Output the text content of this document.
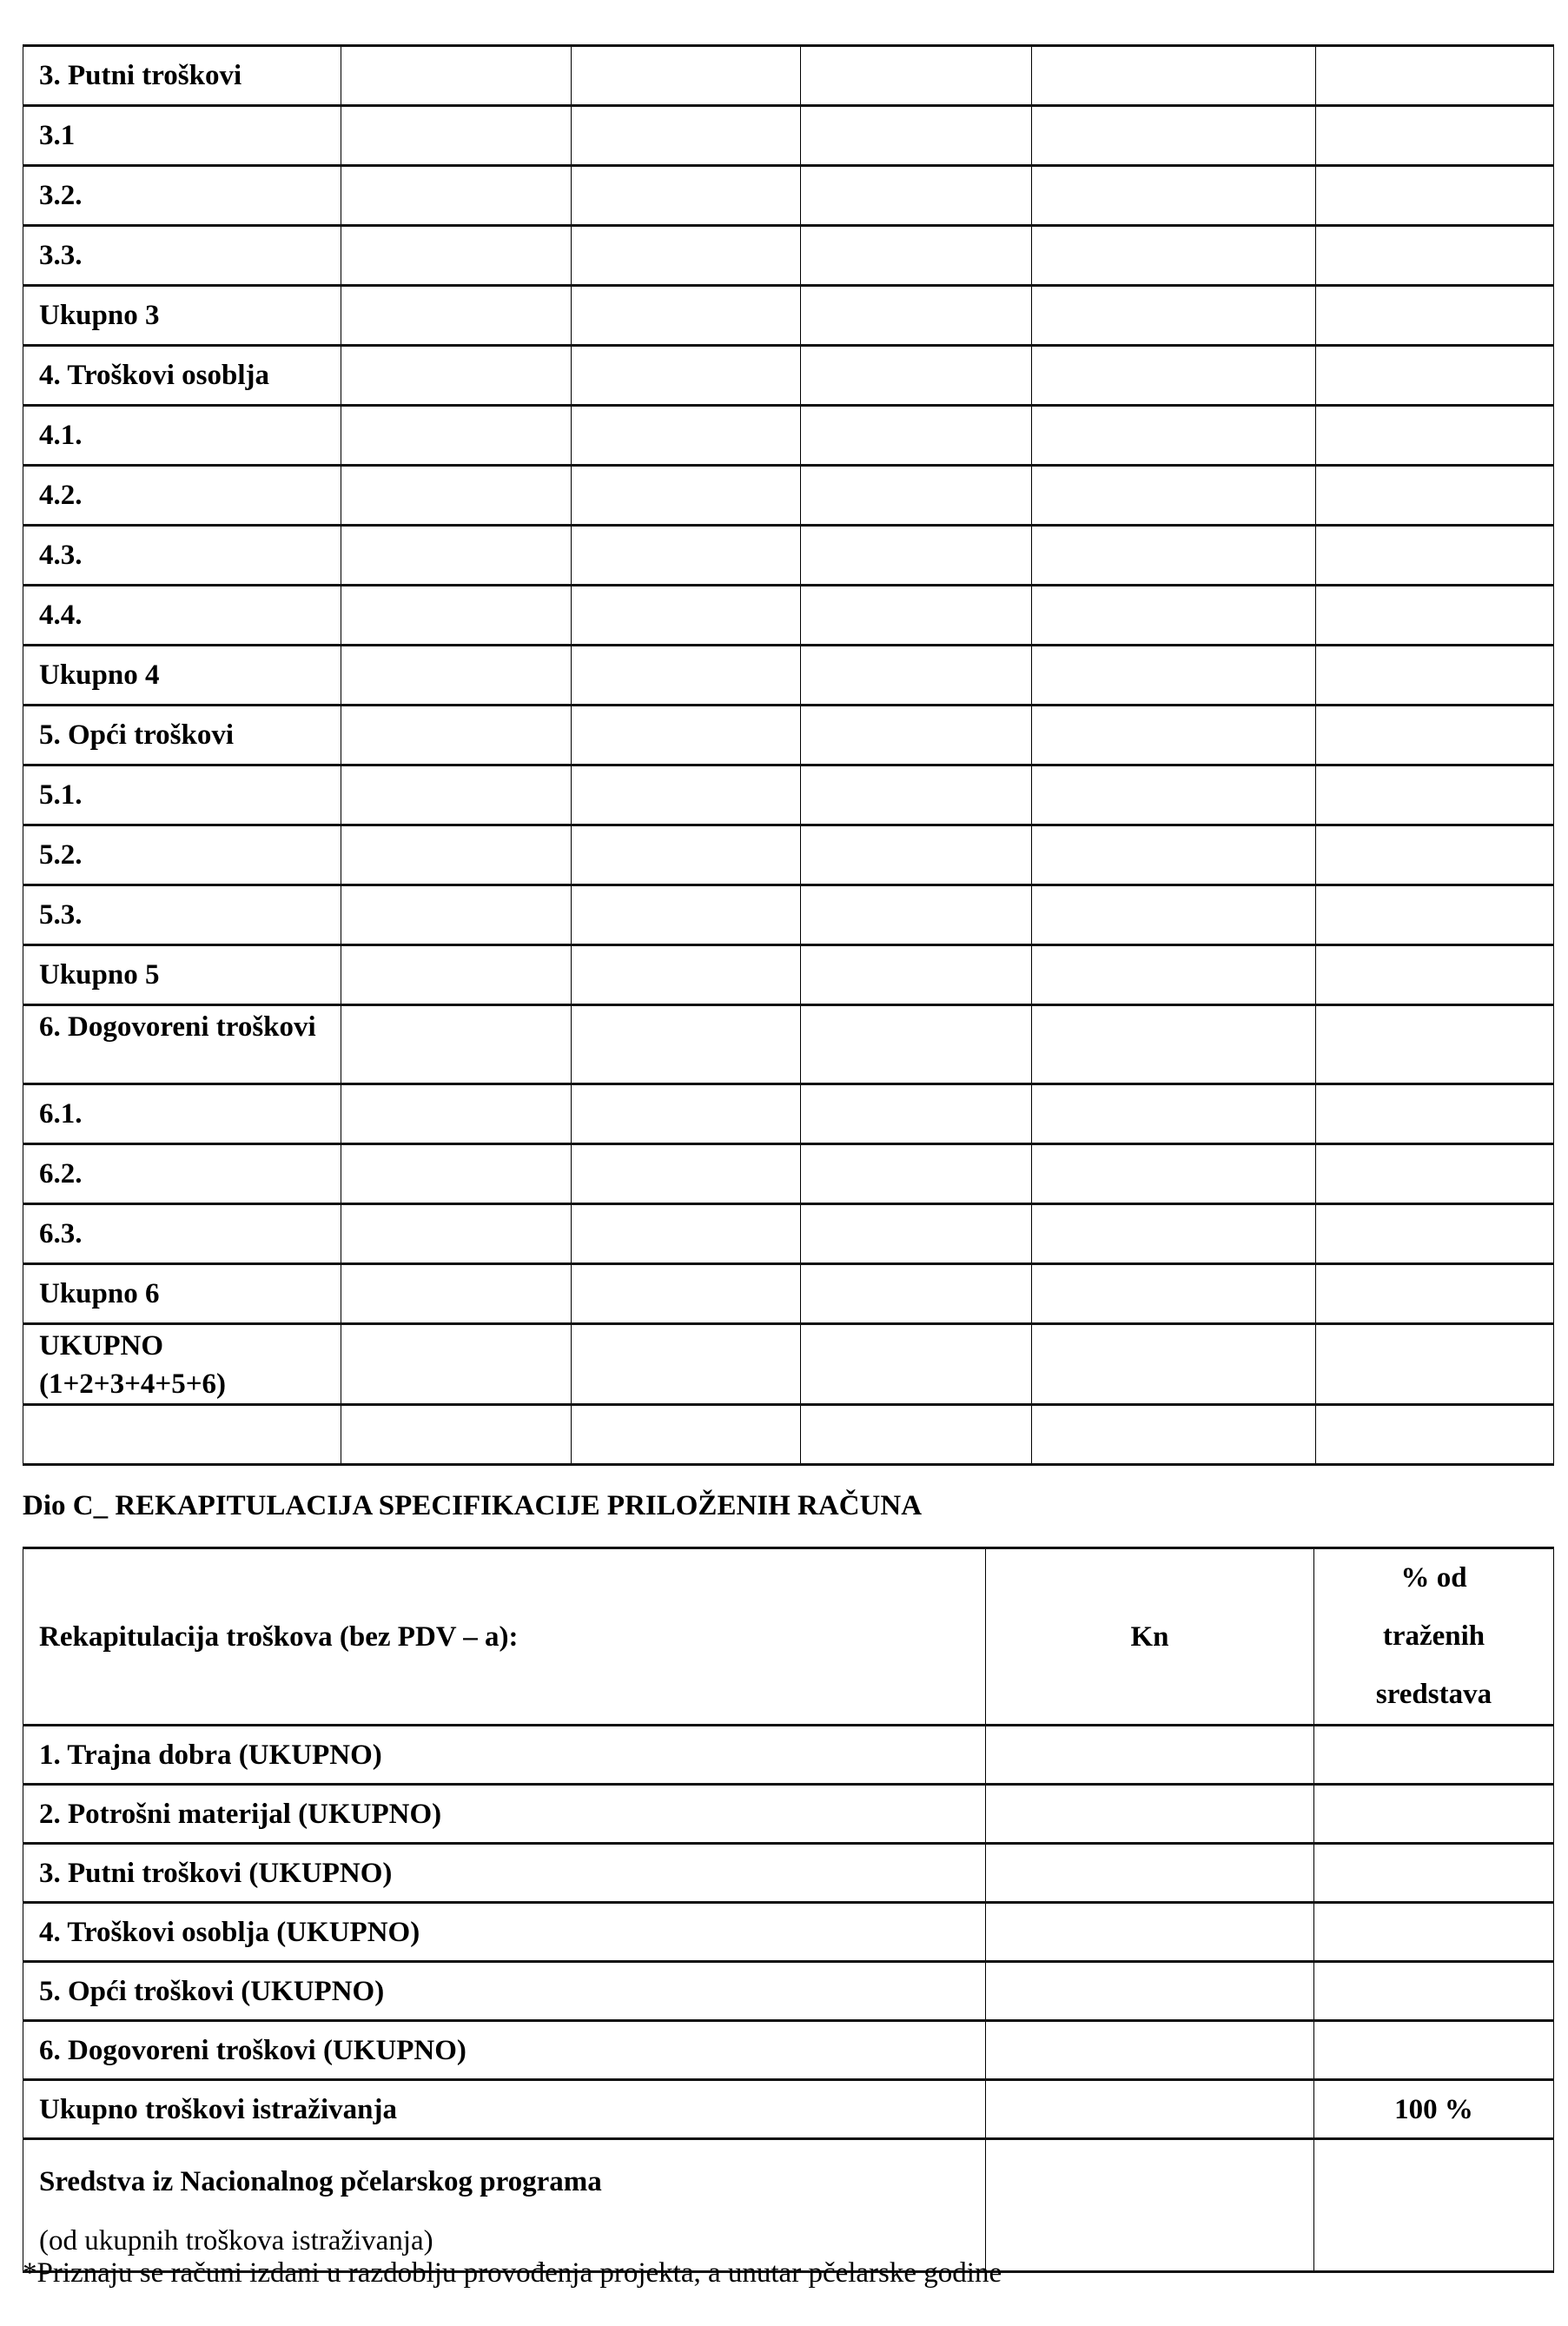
3. Putni troškovi					
3.1					
3.2.					
3.3.					
Ukupno 3					
4. Troškovi osoblja					
4.1.					
4.2.					
4.3.					
4.4.					
Ukupno 4					
5. Opći troškovi					
5.1.					
5.2.					
5.3.					
Ukupno 5					
6. Dogovoreni troškovi					
6.1.					
6.2.					
6.3.					
Ukupno 6					
UKUPNO (1+2+3+4+5+6)					

Dio C_ REKAPITULACIJA SPECIFIKACIJE PRILOŽENIH RAČUNA
Rekapitulacija troškova (bez PDV – a):	Kn	% od
traženih
sredstava

1. Trajna dobra (UKUPNO)		
2. Potrošni materijal (UKUPNO)		
3. Putni troškovi (UKUPNO)		
4. Troškovi osoblja (UKUPNO)		
5. Opći troškovi (UKUPNO)		
6. Dogovoreni troškovi (UKUPNO)		
Ukupno troškovi istraživanja		100 %

Sredstva iz Nacionalnog pčelarskog programa
(od ukupnih troškova istraživanja)		

*Priznaju se računi izdani u razdoblju provođenja projekta, a unutar pčelarske godine
